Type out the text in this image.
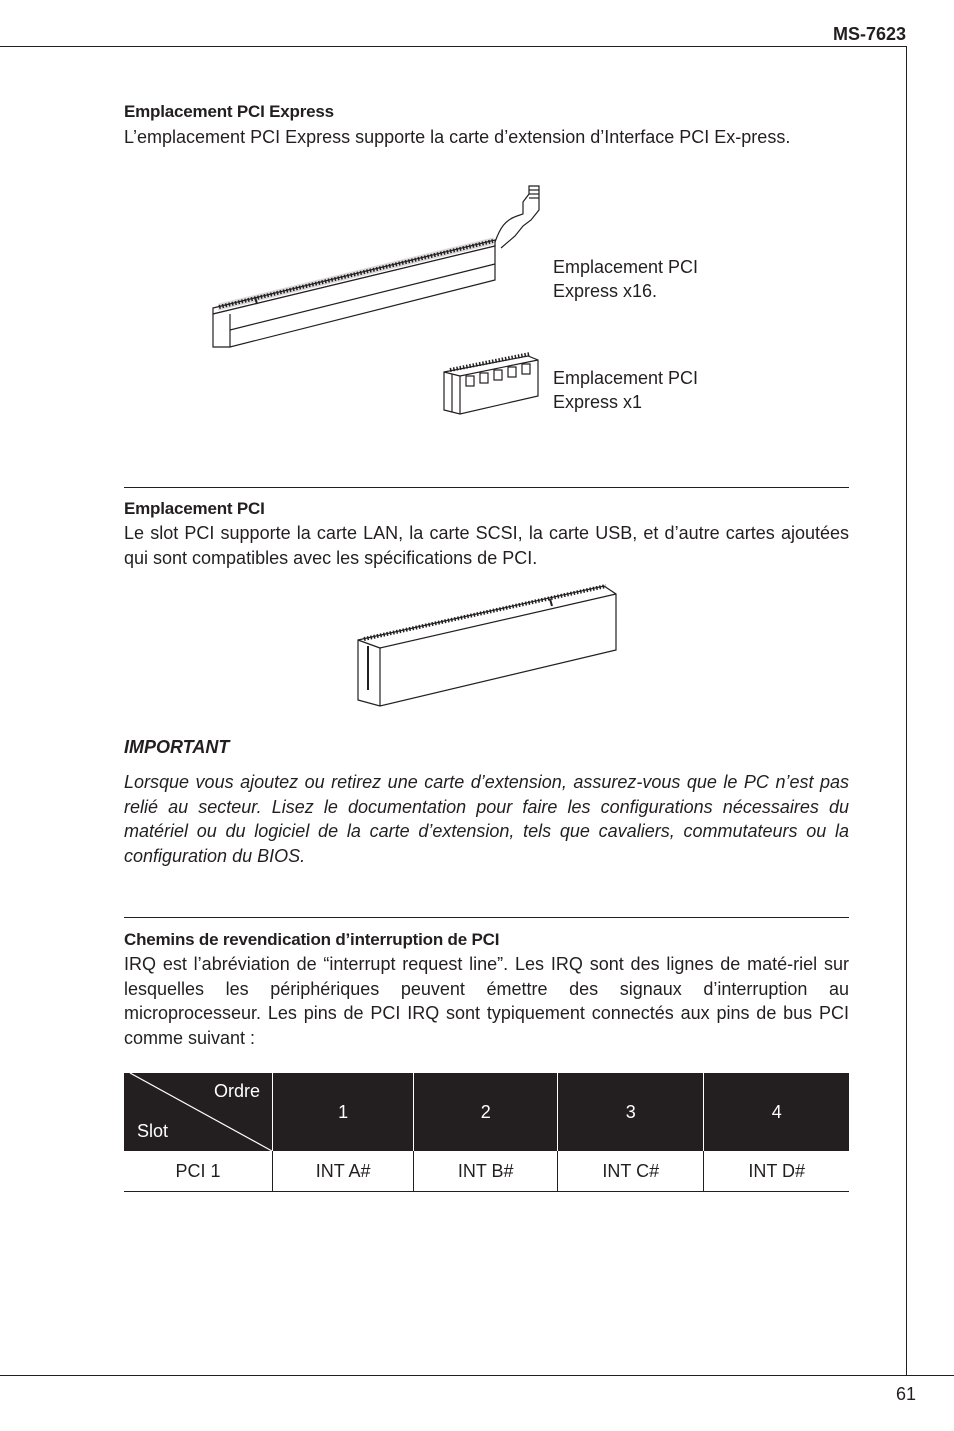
MS-7623
61
Emplacement PCI Express

L’emplacement PCI Express supporte la carte d’extension d’Interface PCI Ex-press.

Emplacement PCI
Express x16.
Emplacement PCI
Express x1
Emplacement PCI

Le slot PCI supporte la carte LAN, la carte SCSI, la carte USB, et d’autre cartes ajoutées qui sont compatibles avec les spécifications de PCI.

IMPORTANT

Lorsque vous ajoutez ou retirez une carte d’extension, assurez-vous que le PC n’est pas relié au secteur. Lisez le documentation pour faire les configurations nécessaires du matériel ou du logiciel de la carte d’extension, tels que cavaliers, commutateurs ou la configuration du BIOS.

Chemins de revendication d’interruption de PCI

IRQ est l’abréviation de “interrupt request line”. Les IRQ sont des lignes de maté-riel sur lesquelles les périphériques peuvent émettre des signaux d’interruption au microprocesseur. Les pins de PCI IRQ sont typiquement connectés aux pins de bus PCI comme suivant :

Ordre
Slot	1	2	3	4
PCI 1	INT A#	INT B#	INT C#	INT D#
